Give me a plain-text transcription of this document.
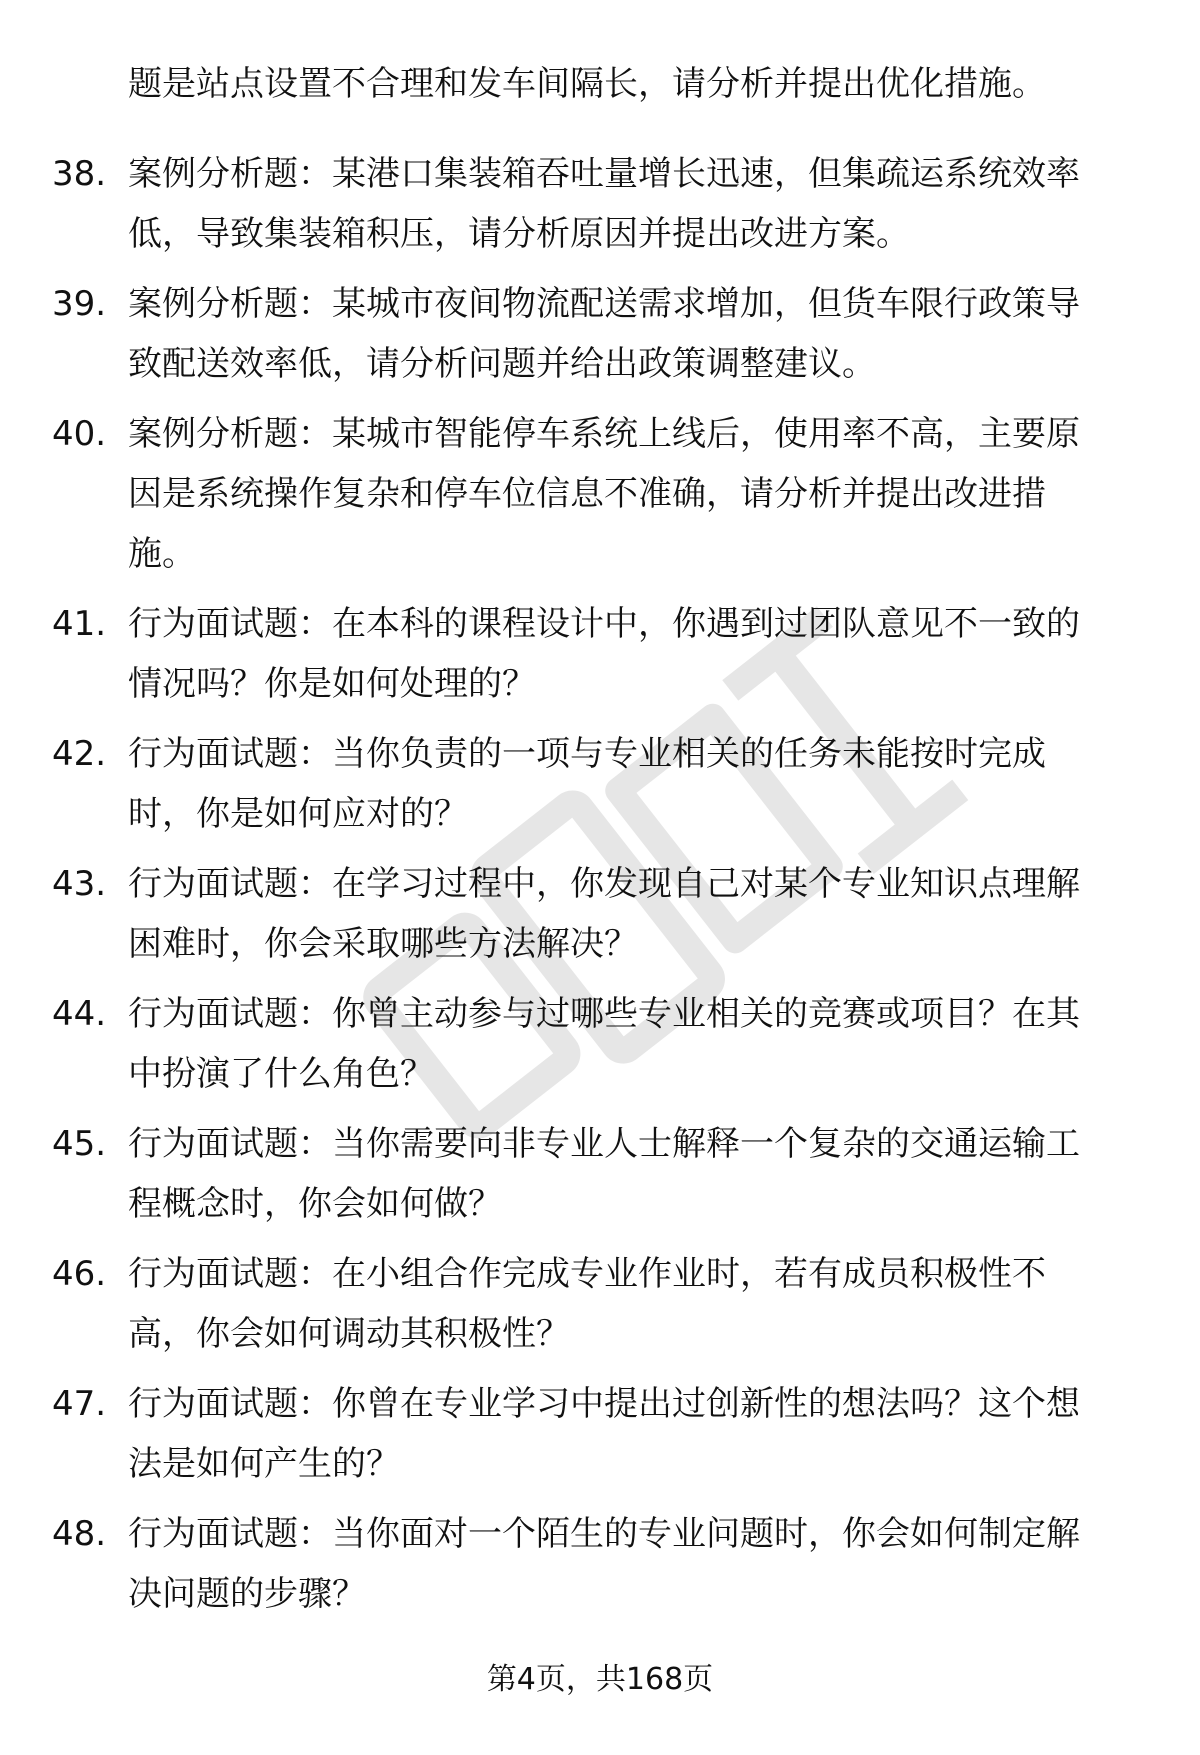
题是站点设置不合理和发车间隔长，请分析并提出优化措施。
38. 案例分析题：某港口集装箱吞吐量增长迅速，但集疏运系统效率
低，导致集装箱积压，请分析原因并提出改进方案。
39. 案例分析题：某城市夜间物流配送需求增加，但货车限行政策导
致配送效率低，请分析问题并给出政策调整建议。
40. 案例分析题：某城市智能停车系统上线后，使用率不高，主要原
因是系统操作复杂和停车位信息不准确，请分析并提出改进措
施。
41. 行为面试题：在本科的课程设计中，你遇到过团队意见不一致的
情况吗？你是如何处理的？
42. 行为面试题：当你负责的一项与专业相关的任务未能按时完成
时，你是如何应对的？
43. 行为面试题：在学习过程中，你发现自己对某个专业知识点理解
困难时，你会采取哪些方法解决？
44. 行为面试题：你曾主动参与过哪些专业相关的竞赛或项目？在其
中扮演了什么角色？
45. 行为面试题：当你需要向非专业人士解释一个复杂的交通运输工
程概念时，你会如何做？
46. 行为面试题：在小组合作完成专业作业时，若有成员积极性不
高，你会如何调动其积极性？
47. 行为面试题：你曾在专业学习中提出过创新性的想法吗？这个想
法是如何产生的？
48. 行为面试题：当你面对一个陌生的专业问题时，你会如何制定解
决问题的步骤？
第4页，共168页
